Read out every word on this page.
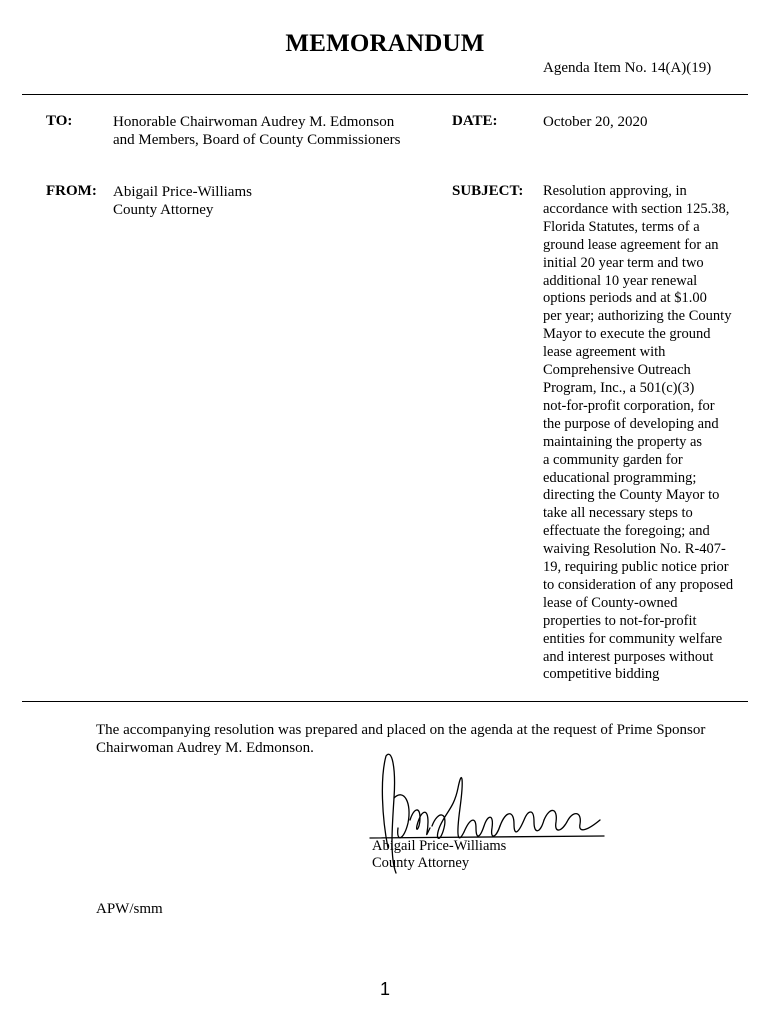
MEMORANDUM
Agenda Item No. 14(A)(19)
TO:	Honorable Chairwoman Audrey M. Edmonson
and Members, Board of County Commissioners
DATE:	October 20, 2020
FROM: Abigail Price-Williams
County Attorney
SUBJECT: Resolution approving, in
accordance with section 125.38,
Florida Statutes, terms of a
ground lease agreement for an
initial 20 year term and two
additional 10 year renewal
options periods and at $1.00
per year; authorizing the County
Mayor to execute the ground
lease agreement with
Comprehensive Outreach
Program, Inc., a 501(c)(3)
not-for-profit corporation, for
the purpose of developing and
maintaining the property as
a community garden for
educational programming;
directing the County Mayor to
take all necessary steps to
effectuate the foregoing; and
waiving Resolution No. R-407-
19, requiring public notice prior
to consideration of any proposed
lease of County-owned
properties to not-for-profit
entities for community welfare
and interest purposes without
competitive bidding
The accompanying resolution was prepared and placed on the agenda at the request of Prime Sponsor
Chairwoman Audrey M. Edmonson.
Abigail Price-Williams
County Attorney
APW/smm
1
